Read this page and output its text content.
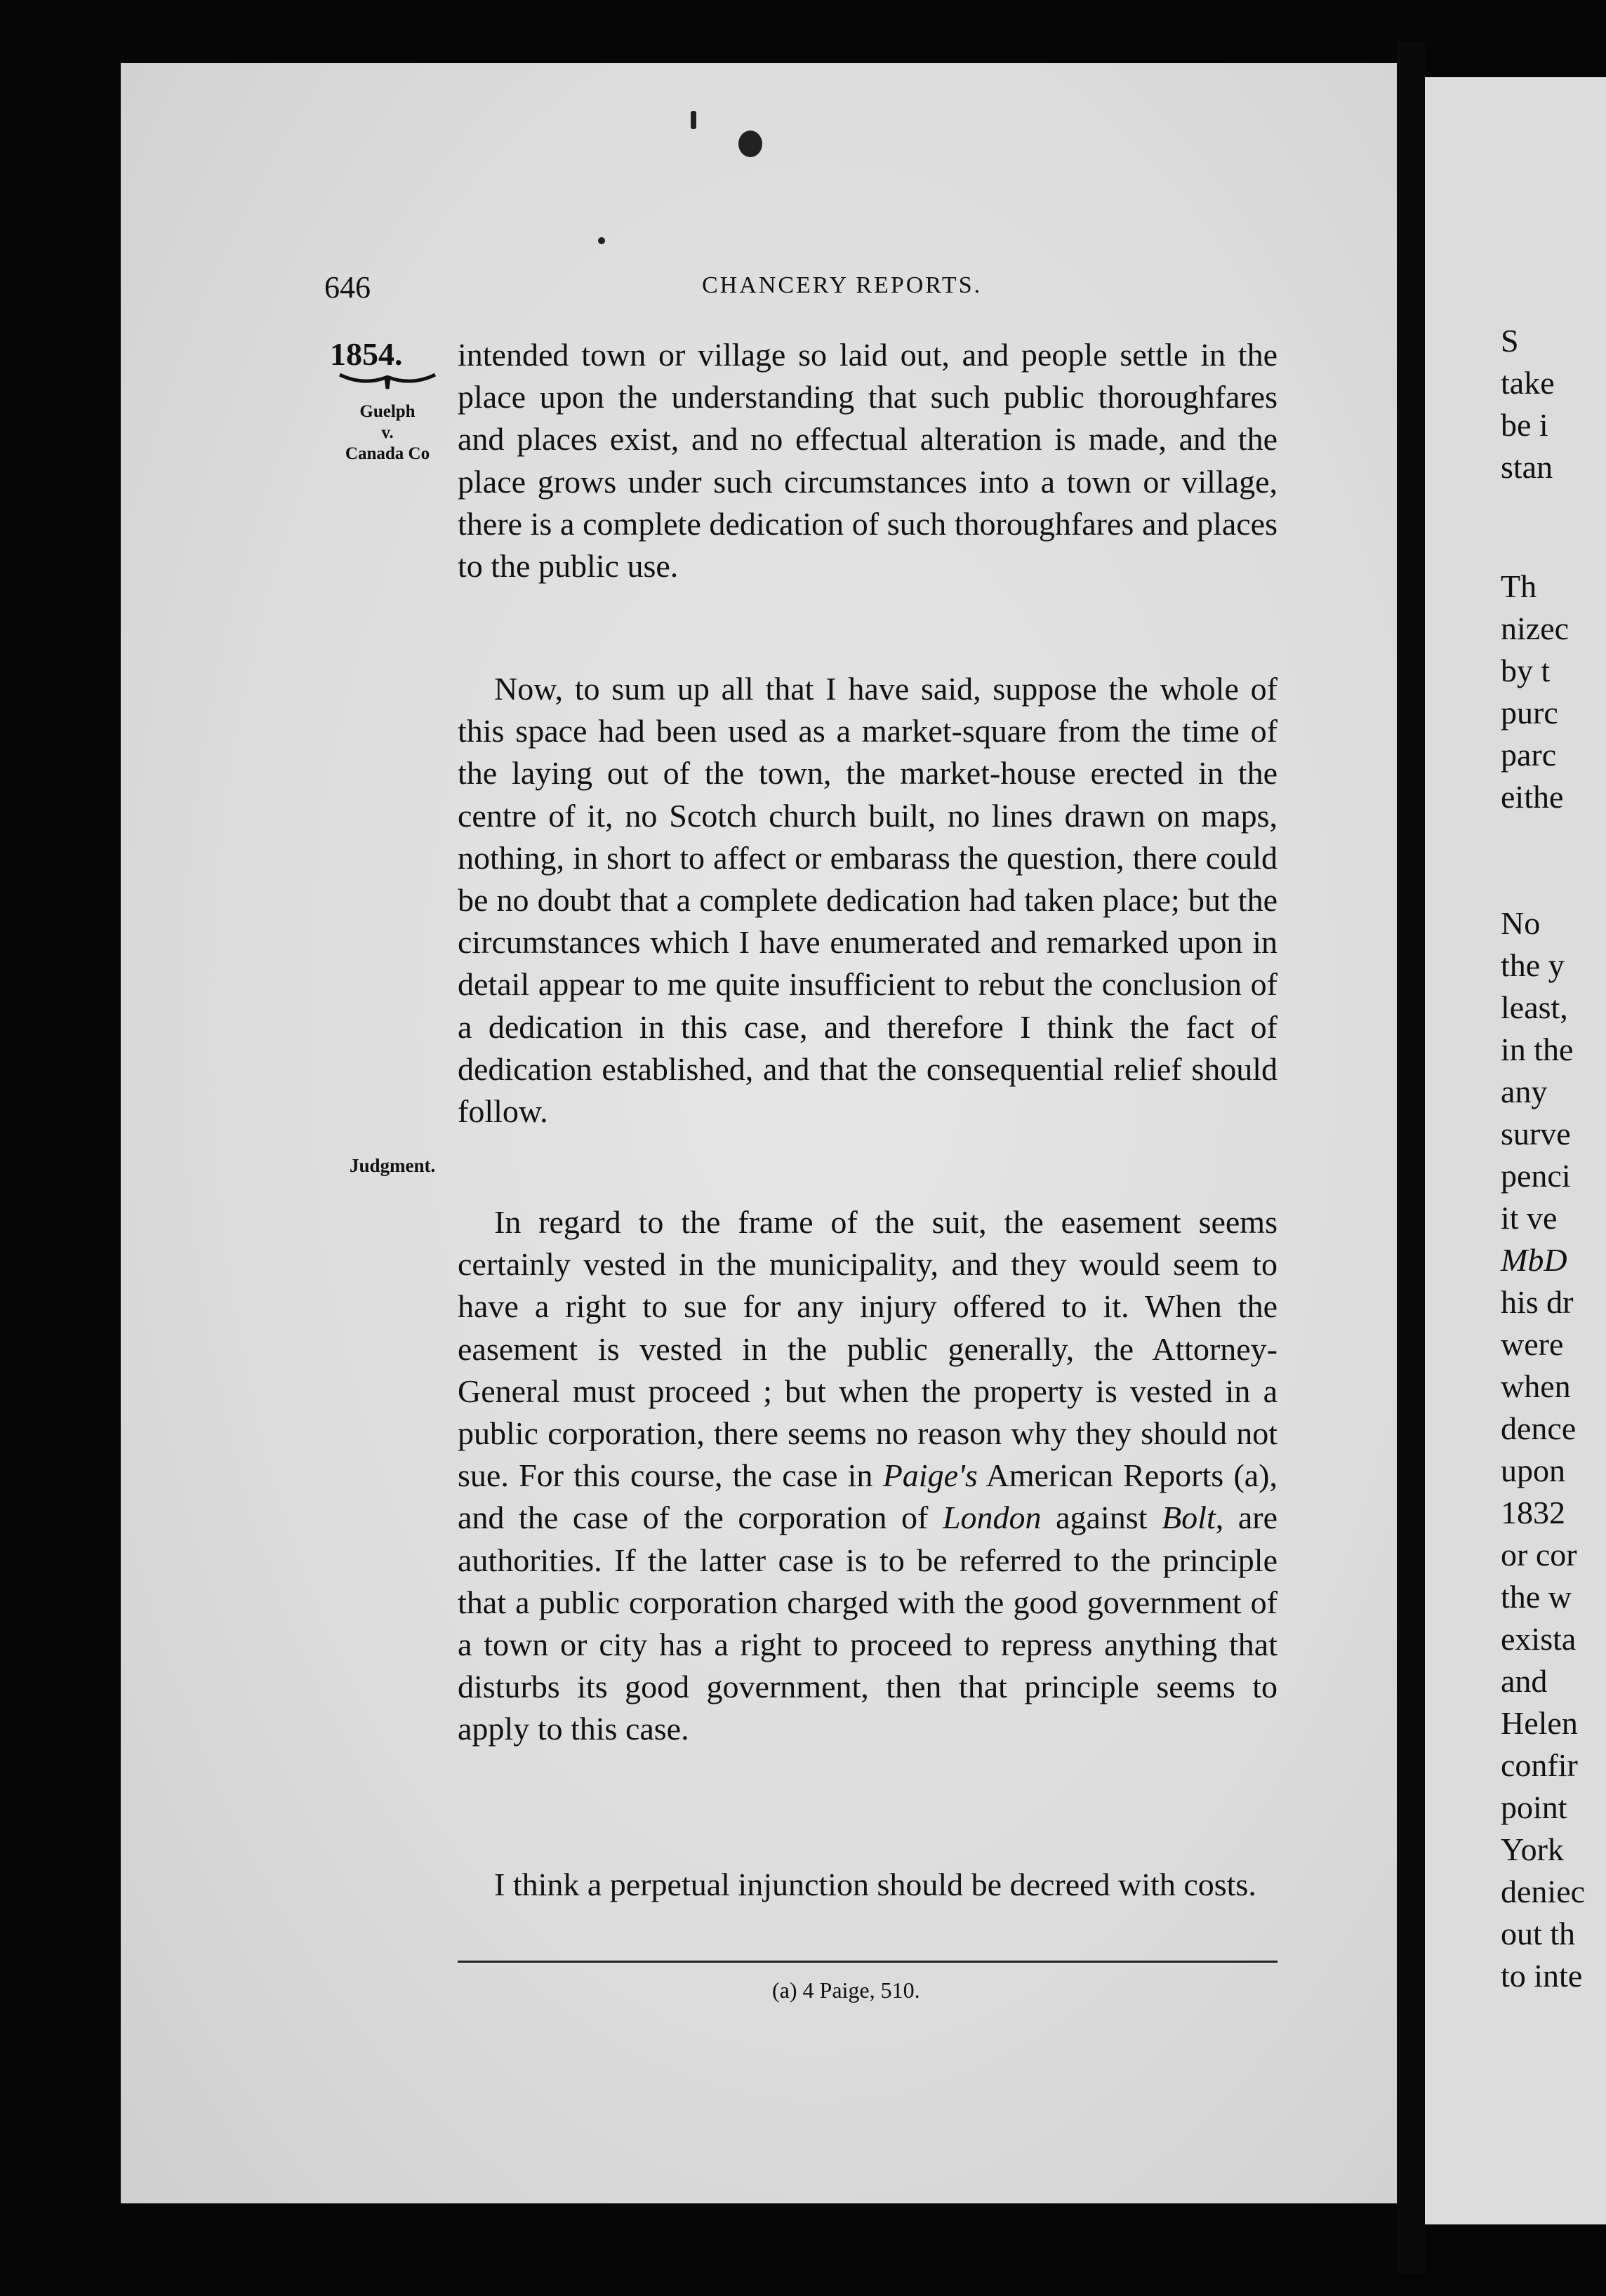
646	CHANCERY REPORTS.
1854.
Guelph
v.
Canada Co
Judgment.

intended town or village so laid out, and people settle in the place upon the understanding that such public thoroughfares and places exist, and no effectual alteration is made, and the place grows under such circumstances into a town or village, there is a complete dedication of such thoroughfares and places to the public use.

Now, to sum up all that I have said, suppose the whole of this space had been used as a market-square from the time of the laying out of the town, the market-house erected in the centre of it, no Scotch church built, no lines drawn on maps, nothing, in short to affect or embarass the question, there could be no doubt that a complete dedication had taken place; but the circumstances which I have enumerated and remarked upon in detail appear to me quite insufficient to rebut the conclusion of a dedication in this case, and therefore I think the fact of dedication established, and that the consequential relief should follow.

In regard to the frame of the suit, the easement seems certainly vested in the municipality, and they would seem to have a right to sue for any injury offered to it. When the easement is vested in the public generally, the Attorney-General must proceed ; but when the property is vested in a public corporation, there seems no reason why they should not sue. For this course, the case in Paige's American Reports (a), and the case of the corporation of London against Bolt, are authorities. If the latter case is to be referred to the principle that a public corporation charged with the good government of a town or city has a right to proceed to repress anything that disturbs its good government, then that principle seems to apply to this case.

I think a perpetual injunction should be decreed with costs.

(a) 4 Paige, 510.
S
take
be i
stan
Th
nizec
by t
purc
parc
eithe
No
the y
least,
in the
any
surve
penci
it ve
MbD
his dr
were
when
dence
upon
1832
or cor
the w
exista
and
Helen
confir
point
York
deniec
out th
to inte
